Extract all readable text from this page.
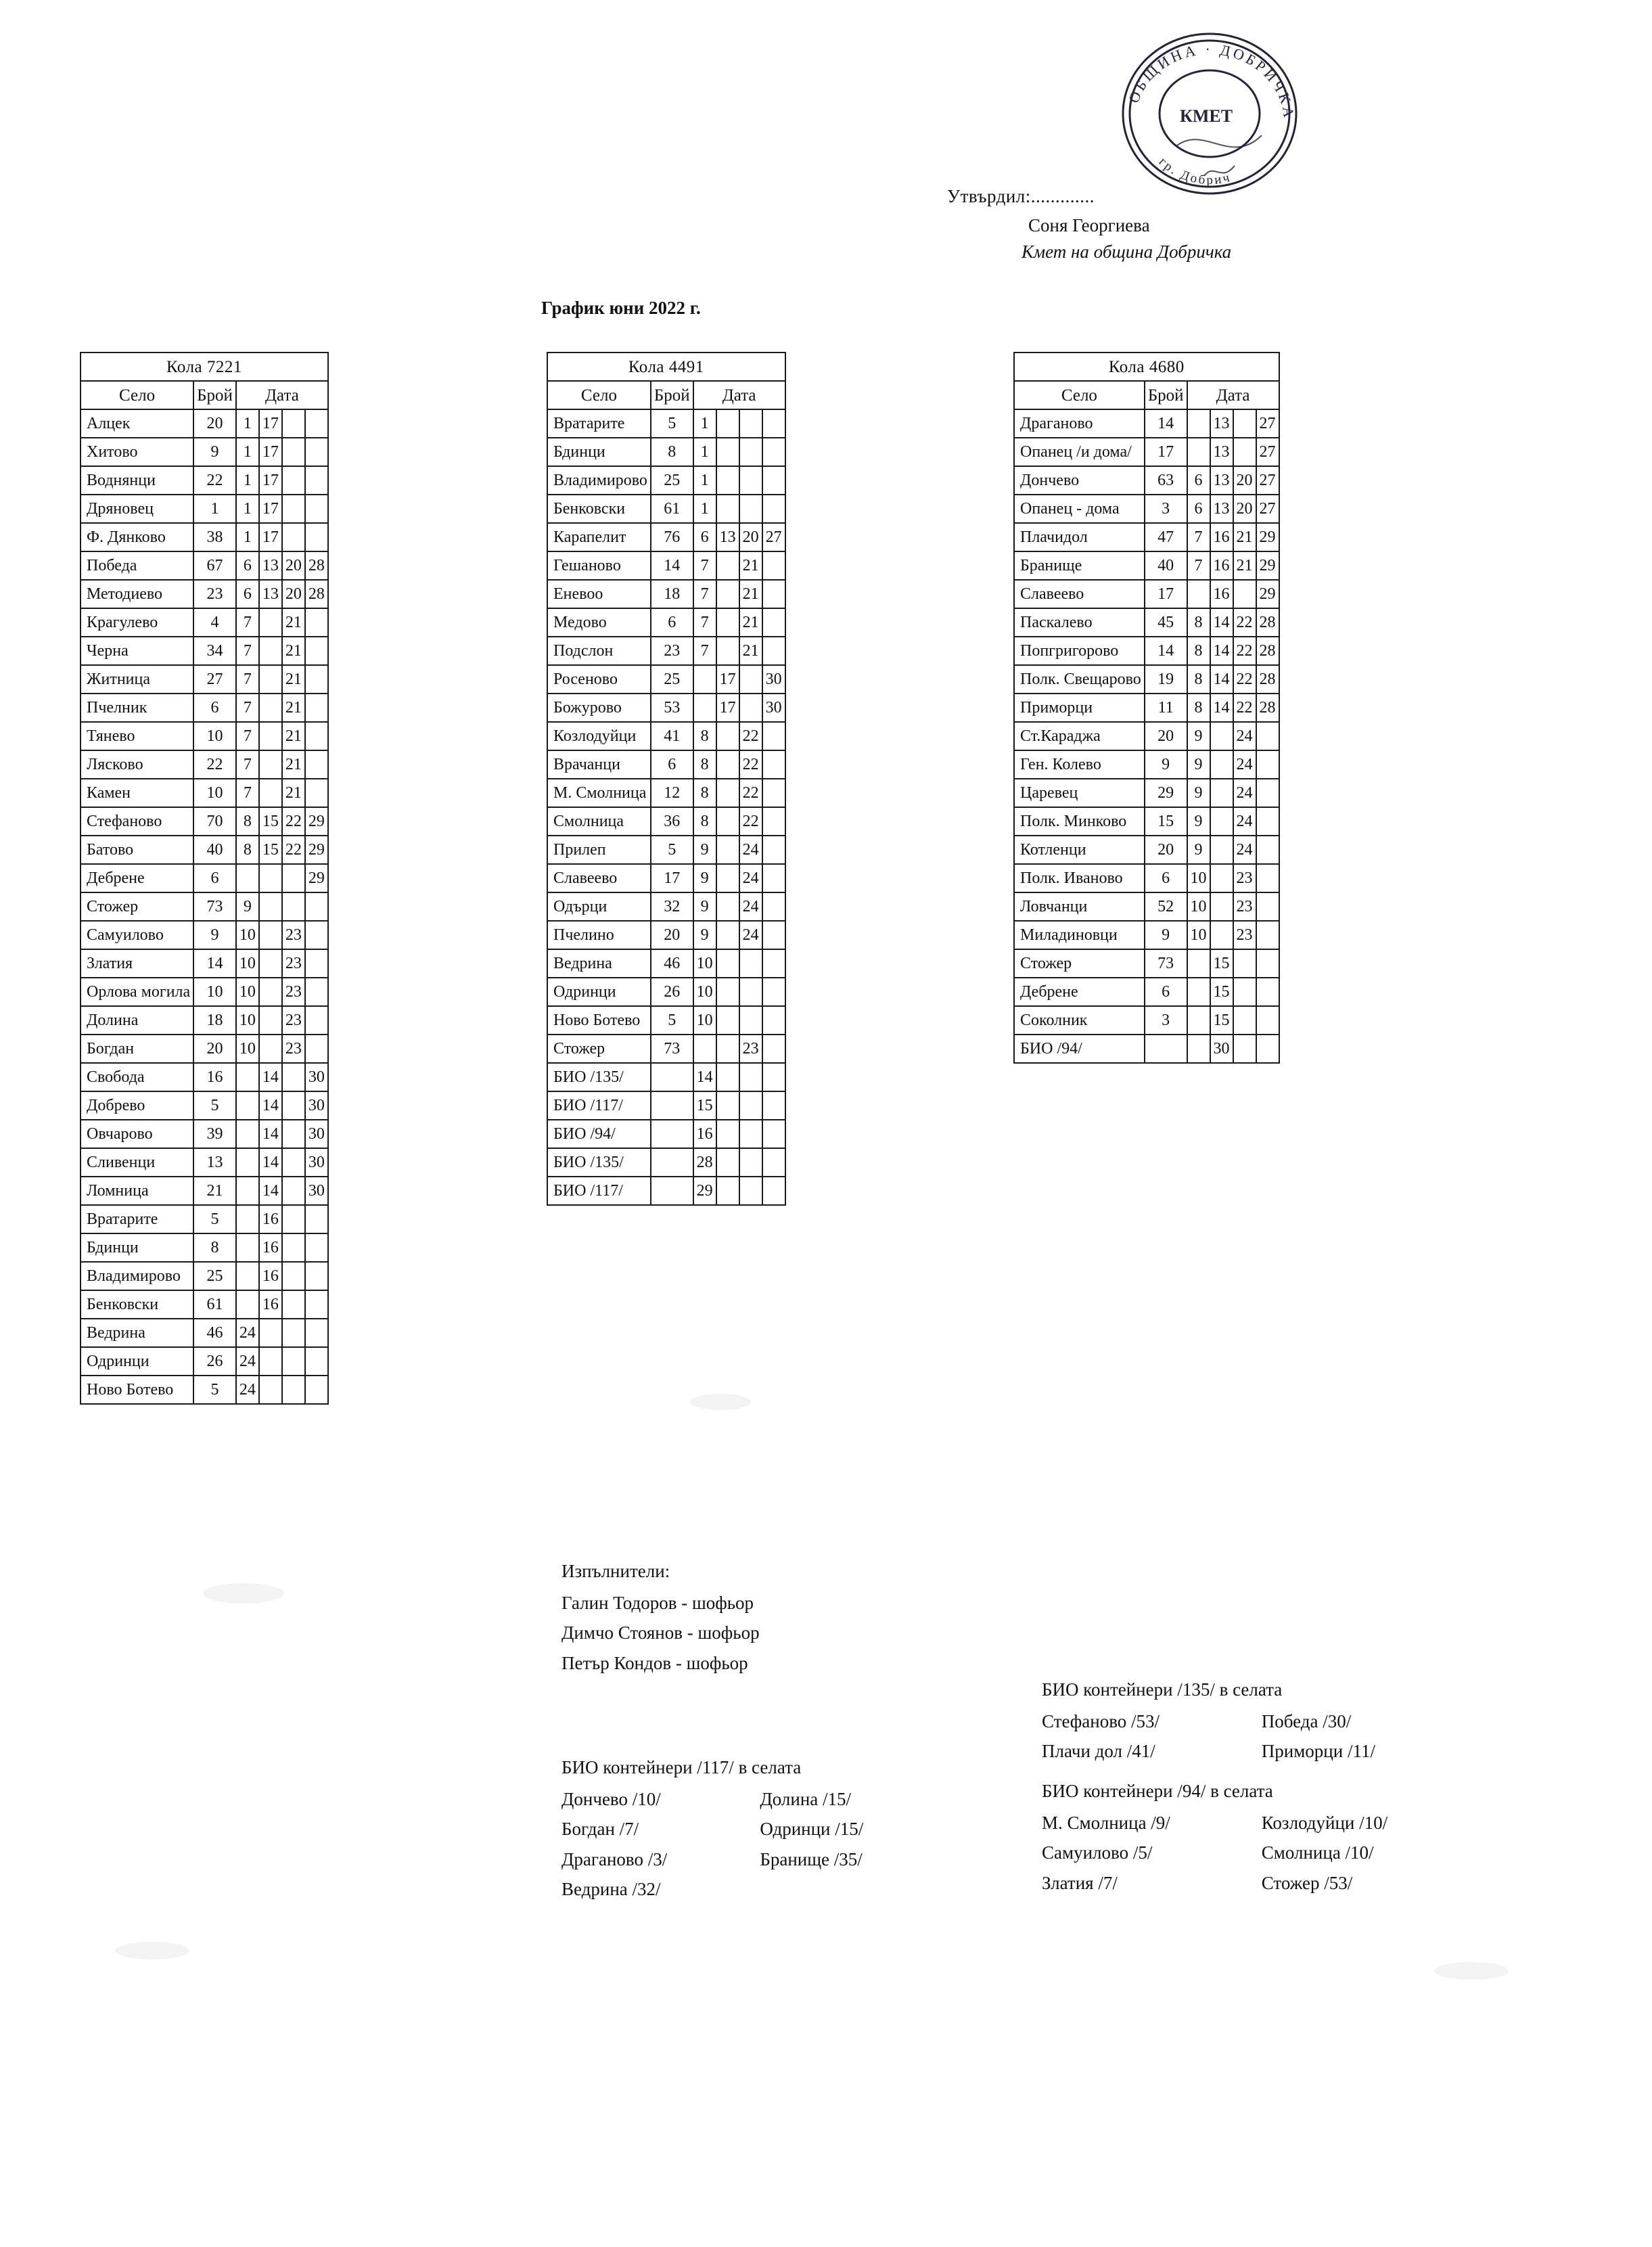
КМЕТ
ОБЩИНА · ДОБРИЧКА
гр. Добрич
Утвърдил:.............
Соня Георгиева
Кмет на община Добричка
График юни 2022 г.
Кола 7221					
Село	Брой	Дата			
Алцек	20	1	17		
Хитово	9	1	17		
Воднянци	22	1	17		
Дряновец	1	1	17		
Ф. Дянково	38	1	17		
Победа	67	6	13	20	28
Методиево	23	6	13	20	28
Крагулево	4	7		21	
Черна	34	7		21	
Житница	27	7		21	
Пчелник	6	7		21	
Тянево	10	7		21	
Лясково	22	7		21	
Камен	10	7		21	
Стефаново	70	8	15	22	29
Батово	40	8	15	22	29
Дебрене	6				29
Стожер	73	9			
Самуилово	9	10		23	
Златия	14	10		23	
Орлова могила	10	10		23	
Долина	18	10		23	
Богдан	20	10		23	
Свобода	16		14		30
Добрево	5		14		30
Овчарово	39		14		30
Сливенци	13		14		30
Ломница	21		14		30
Вратарите	5		16		
Бдинци	8		16		
Владимирово	25		16		
Бенковски	61		16		
Ведрина	46	24			
Одринци	26	24			
Ново Ботево	5	24			
Кола 4491					
Село	Брой	Дата			
Вратарите	5	1			
Бдинци	8	1			
Владимирово	25	1			
Бенковски	61	1			
Карапелит	76	6	13	20	27
Гешаново	14	7		21	
Еневоо	18	7		21	
Медово	6	7		21	
Подслон	23	7		21	
Росеново	25		17		30
Божурово	53		17		30
Козлодуйци	41	8		22	
Врачанци	6	8		22	
М. Смолница	12	8		22	
Смолница	36	8		22	
Прилеп	5	9		24	
Славеево	17	9		24	
Одърци	32	9		24	
Пчелино	20	9		24	
Ведрина	46	10			
Одринци	26	10			
Ново Ботево	5	10			
Стожер	73			23	
БИО /135/		14			
БИО /117/		15			
БИО /94/		16			
БИО /135/		28			
БИО /117/		29			
Кола 4680					
Село	Брой	Дата			
Драганово	14		13		27
Опанец /и дома/	17		13		27
Дончево	63	6	13	20	27
Опанец - дома	3	6	13	20	27
Плачидол	47	7	16	21	29
Бранище	40	7	16	21	29
Славеево	17		16		29
Паскалево	45	8	14	22	28
Попгригорово	14	8	14	22	28
Полк. Свещарово	19	8	14	22	28
Приморци	11	8	14	22	28
Ст.Караджа	20	9		24	
Ген. Колево	9	9		24	
Царевец	29	9		24	
Полк. Минково	15	9		24	
Котленци	20	9		24	
Полк. Иваново	6	10		23	
Ловчанци	52	10		23	
Миладиновци	9	10		23	
Стожер	73		15		
Дебрене	6		15		
Соколник	3		15		
БИО /94/			30		
Изпълнители:
Галин Тодоров - шофьор
Димчо Стоянов - шофьор
Петър Кондов - шофьор
БИО контейнери /117/ в селата
Дончево /10/	Долина /15/
Богдан /7/	Одринци /15/
Драганово /3/	Бранище /35/
Ведрина /32/
БИО контейнери /135/ в селата
Стефаново /53/	Победа /30/
Плачи дол /41/	Приморци /11/
БИО контейнери /94/ в селата
М. Смолница /9/	Козлодуйци /10/
Самуилово /5/	Смолница /10/
Златия /7/	Стожер /53/
